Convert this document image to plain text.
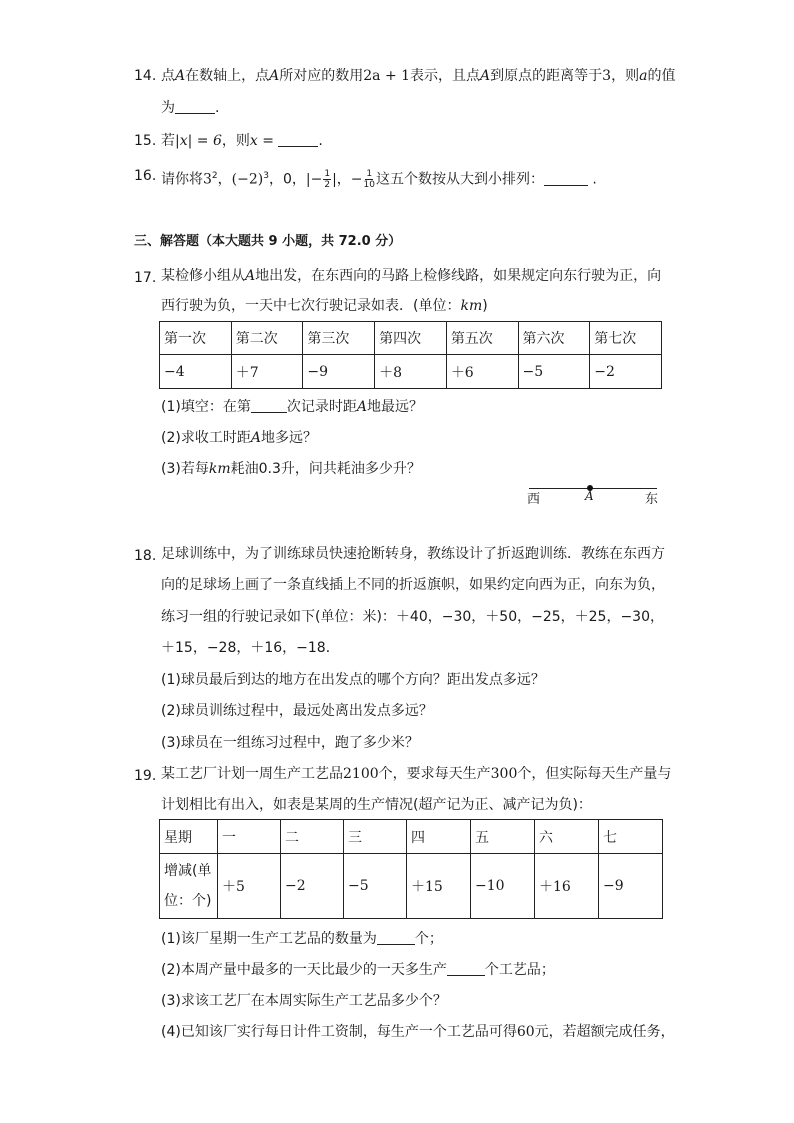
14. 点A在数轴上，点A所对应的数用2a + 1表示，且点A到原点的距离等于3，则a的值
为	.
15. 若|x| = 6，则x =	.
16. 请你将$3^2$，$(-2)^3$，0，|− $\frac{1}{2}$ |，− $\frac{1}{10}$ 这五个数按从大到小排列：	.
三、解答题（本大题共 9 小题，共 72.0 分）
17. 某检修小组从A地出发，在东西向的马路上检修线路，如果规定向东行驶为正，向
西行驶为负，一天中七次行驶记录如表．(单位：km)
第一次	第二次	第三次	第四次	第五次	第六次	第七次
−4	＋7	−9	＋8	＋6	−5	−2
(1)填空：在第	次记录时距A地最远？
(2)求收工时距A地多远？
(3)若每km耗油0.3升，问共耗油多少升？
西	A	东
18. 足球训练中，为了训练球员快速抢断转身，教练设计了折返跑训练．教练在东西方
向的足球场上画了一条直线插上不同的折返旗帜，如果约定向西为正，向东为负，
练习一组的行驶记录如下(单位：米)：＋40，−30，＋50，−25，＋25，−30，
＋15，−28，＋16，−18．
(1)球员最后到达的地方在出发点的哪个方向？距出发点多远？
(2)球员训练过程中，最远处离出发点多远？
(3)球员在一组练习过程中，跑了多少米？
19. 某工艺厂计划一周生产工艺品2100个，要求每天生产300个，但实际每天生产量与
计划相比有出入，如表是某周的生产情况(超产记为正、减产记为负)：
星期	一	二	三	四	五	六	七
增减(单
位：个)	＋5	−2	−5	＋15	−10	＋16	−9
(1)该厂星期一生产工艺品的数量为	个；
(2)本周产量中最多的一天比最少的一天多生产	个工艺品；
(3)求该工艺厂在本周实际生产工艺品多少个？
(4)已知该厂实行每日计件工资制，每生产一个工艺品可得60元，若超额完成任务，
